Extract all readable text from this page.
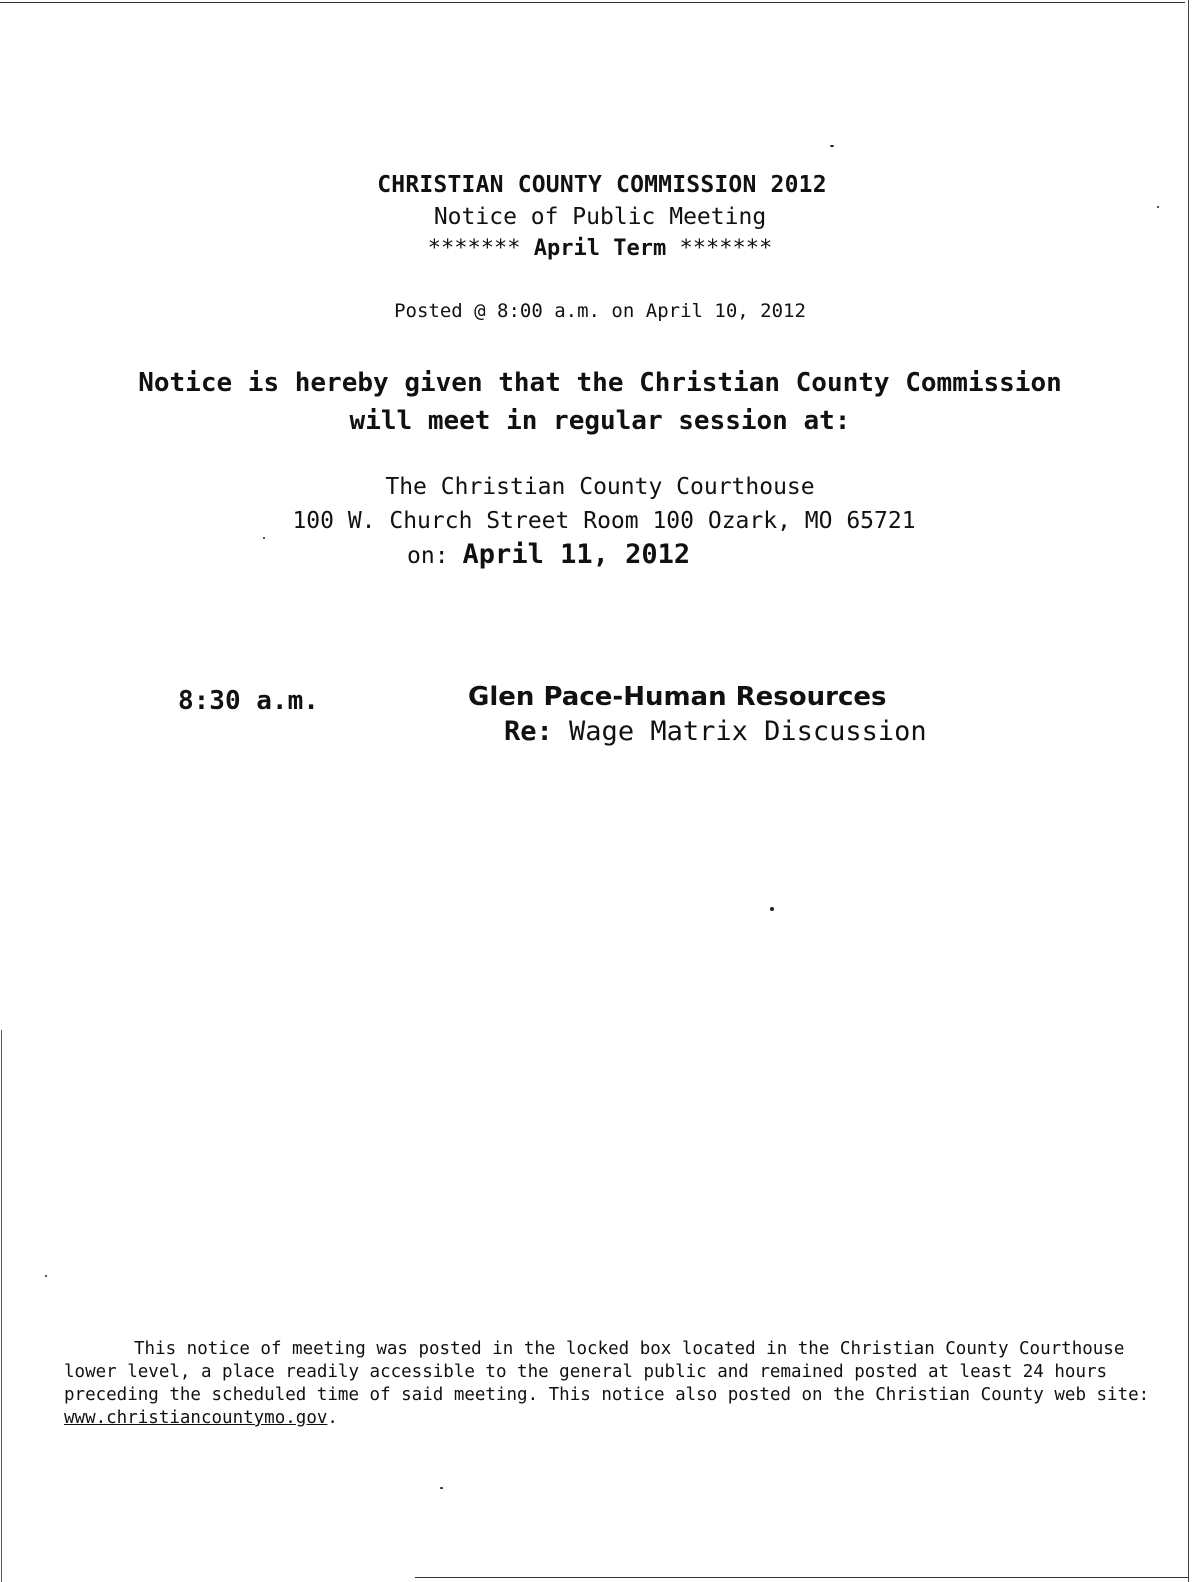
CHRISTIAN COUNTY COMMISSION 2012
Notice of Public Meeting
******* April Term *******
Posted @ 8:00 a.m. on April 10, 2012
Notice is hereby given that the Christian County Commission
will meet in regular session at:
The Christian County Courthouse
100 W. Church Street Room 100 Ozark, MO 65721
on: April 11, 2012
8:30 a.m.	Glen Pace-Human Resources
Re: Wage Matrix Discussion
This notice of meeting was posted in the locked box located in the Christian County Courthouse lower level, a place readily accessible to the general public and remained posted at least 24 hours preceding the scheduled time of said meeting. This notice also posted on the Christian County web site: www.christiancountymo.gov.
